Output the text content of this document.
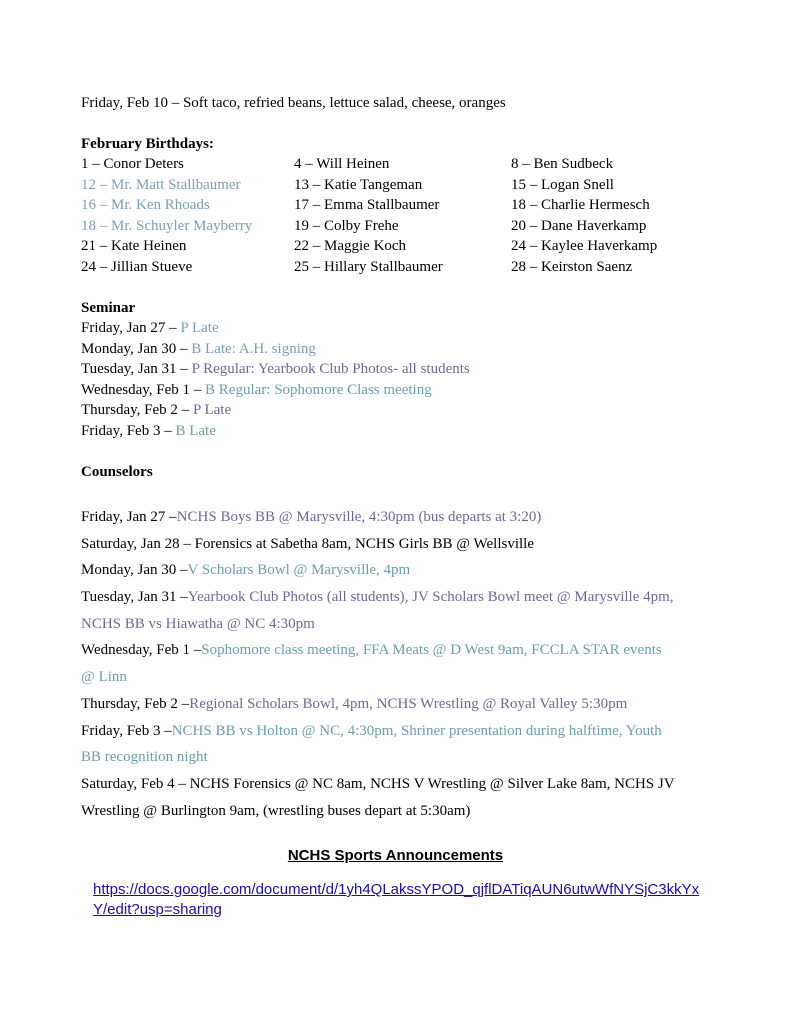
Friday, Feb 10 – Soft taco, refried beans, lettuce salad, cheese, oranges
February Birthdays:
1 – Conor Deters
12 – Mr. Matt Stallbaumer
16 – Mr. Ken Rhoads
18 – Mr. Schuyler Mayberry
21 – Kate Heinen
24 – Jillian Stueve
4 – Will Heinen
13 – Katie Tangeman
17 – Emma Stallbaumer
19 – Colby Frehe
22 – Maggie Koch
25 – Hillary Stallbaumer
8 – Ben Sudbeck
15 – Logan Snell
18 – Charlie Hermesch
20 – Dane Haverkamp
24 – Kaylee Haverkamp
28 – Keirston Saenz
Seminar
Friday, Jan 27 – P Late
Monday, Jan 30 – B Late: A.H. signing
Tuesday, Jan 31 – P Regular: Yearbook Club Photos- all students
Wednesday, Feb 1 – B Regular: Sophomore Class meeting
Thursday, Feb 2 – P Late
Friday, Feb 3 – B Late
Counselors
Friday, Jan 27 –NCHS Boys BB @ Marysville, 4:30pm (bus departs at 3:20)
Saturday, Jan 28 – Forensics at Sabetha 8am, NCHS Girls BB @ Wellsville
Monday, Jan 30 –V Scholars Bowl @ Marysville, 4pm
Tuesday, Jan 31 –Yearbook Club Photos (all students), JV Scholars Bowl meet @ Marysville 4pm,
NCHS BB vs Hiawatha @ NC 4:30pm
Wednesday, Feb 1 –Sophomore class meeting, FFA Meats @ D West 9am, FCCLA STAR events
@ Linn
Thursday, Feb 2 –Regional Scholars Bowl, 4pm, NCHS Wrestling @ Royal Valley 5:30pm
Friday, Feb 3 –NCHS BB vs Holton @ NC, 4:30pm, Shriner presentation during halftime, Youth
BB recognition night
Saturday, Feb 4 – NCHS Forensics @ NC 8am, NCHS V Wrestling @ Silver Lake 8am, NCHS JV
Wrestling @ Burlington 9am, (wrestling buses depart at 5:30am)
NCHS Sports Announcements
https://docs.google.com/document/d/1yh4QLakssYPOD_qjflDATiqAUN6utwWfNYSjC3kkYxY/edit?usp=sharing
